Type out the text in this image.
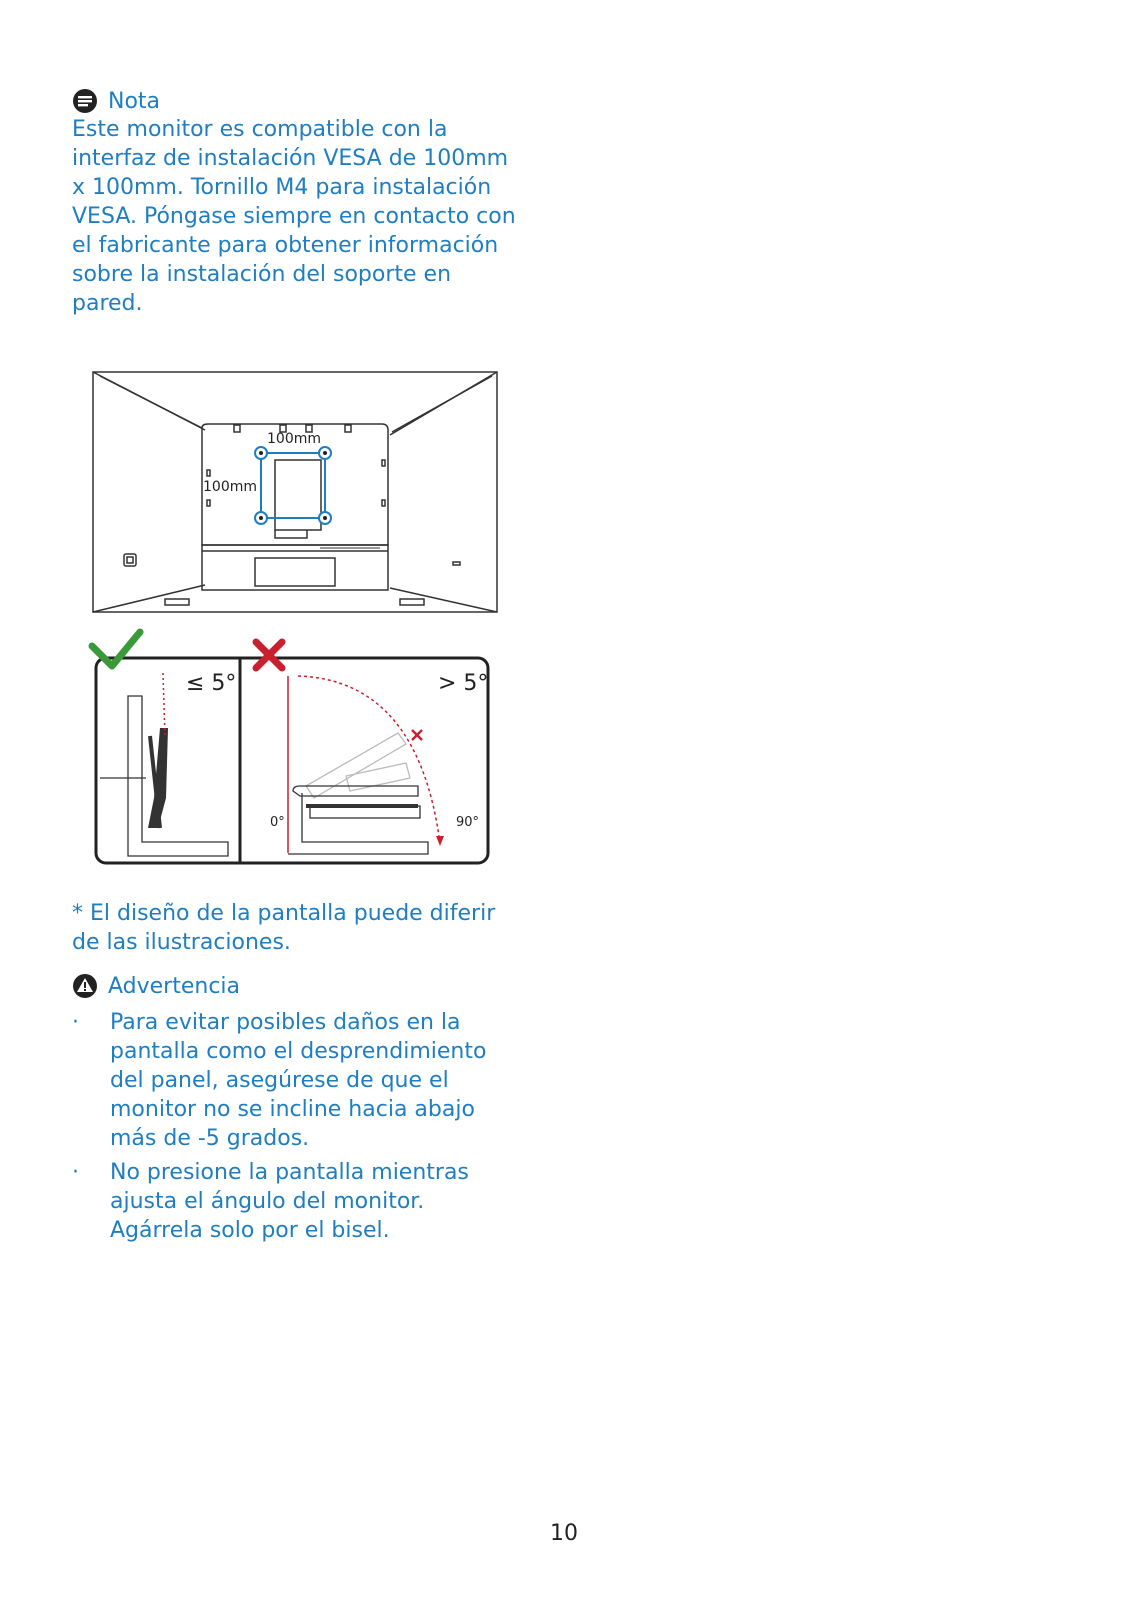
Nota
Este monitor es compatible con la
interfaz de instalación VESA de 100mm
x 100mm. Tornillo M4 para instalación
VESA. Póngase siempre en contacto con
el fabricante para obtener información
sobre la instalación del soporte en
pared.
100mm
100mm
≤ 5°	> 5°
0°	90°
* El diseño de la pantalla puede diferir
de las ilustraciones.
Advertencia
·	Para evitar posibles daños en la
pantalla como el desprendimiento
del panel, asegúrese de que el
monitor no se incline hacia abajo
más de -5 grados.
·	No presione la pantalla mientras
ajusta el ángulo del monitor.
Agárrela solo por el bisel.
10
